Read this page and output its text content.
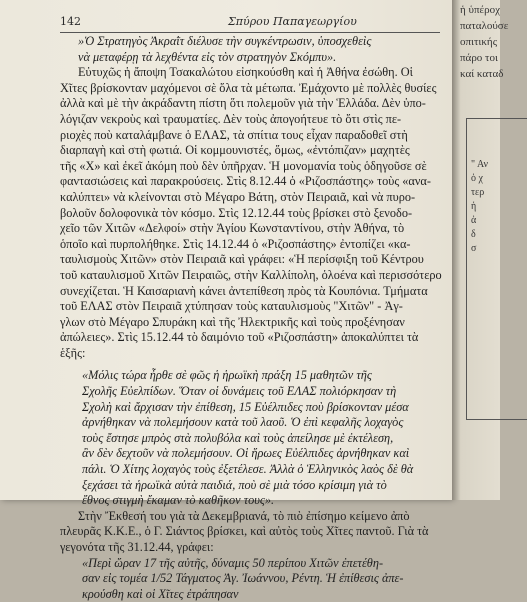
142	Σπύρου Παπαγεωργίου
»Ὁ Στρατηγὸς Ἀκραῒτ διέλυσε τὴν συγκέντρωσιν, ὑποσχεθεὶς
νὰ μεταφέρῃ τὰ λεχθέντα εἰς τὸν στρατηγὸν Σκόμπυ».
Εὐτυχῶς ἡ ἄποψη Τσακαλώτου εἰσηκούσθη καὶ ἡ Ἀθήνα ἐσώθη. Οἱ
Χῖτες βρίσκονταν μαχόμενοι σὲ ὅλα τὰ μέτωπα. Ἐμάχοντο μὲ πολλὲς θυσίες
ἀλλὰ καὶ μὲ τὴν ἀκράδαντη πίστη ὅτι πολεμοῦν γιὰ τὴν Ἑλλάδα. Δὲν ὑπο-
λόγιζαν νεκροὺς καὶ τραυματίες. Δὲν τοὺς ἀπογοήτευε τὸ ὅτι στὶς πε-
ριοχὲς ποὺ καταλάμβανε ὁ ΕΛΑΣ, τὰ σπίτια τους εἶχαν παραδοθεῖ στὴ
διαρπαγὴ καὶ στὴ φωτιά. Οἱ κομμουνιστές, ὅμως, «ἐντόπιζαν» μαχητὲς
τῆς «Χ» καὶ ἐκεῖ ἀκόμη ποὺ δὲν ὑπῆρχαν. Ἡ μονομανία τοὺς ὁδηγοῦσε σὲ
φαντασιώσεις καὶ παρακρούσεις. Στὶς 8.12.44 ὁ «Ριζοσπάστης» τοὺς «ανα-
καλύπτει» νὰ κλείνονται στὸ Μέγαρο Βάτη, στὸν Πειραιᾶ, καὶ νὰ πυρο-
βολοῦν δολοφονικὰ τὸν κόσμο. Στὶς 12.12.44 τοὺς βρίσκει στὸ ξενοδο-
χεῖο τῶν Χιτῶν «Δελφοί» στὴν Ἁγίου Κωνσταντίνου, στὴν Ἀθήνα, τὸ
ὁποῖο καὶ πυρπολήθηκε. Στὶς 14.12.44 ὁ «Ριζοσπάστης» ἐντοπίζει «κα-
ταυλισμοὺς Χιτῶν» στὸν Πειραιᾶ καὶ γράφει: «Ἡ περίσφιξη τοῦ Κέντρου
τοῦ καταυλισμοῦ Χιτῶν Πειραιῶς, στὴν Καλλίπολη, ὁλοένα καὶ περισσότερο
συνεχίζεται. Ἡ Καισαριανὴ κάνει ἀντεπίθεση πρὸς τὰ Κουπόνια. Τμήματα
τοῦ ΕΛΑΣ στὸν Πειραιᾶ χτύπησαν τοὺς καταυλισμοὺς "Χιτῶν" - Ἀγ-
γλων στὸ Μέγαρο Σπυράκη καὶ τῆς Ἠλεκτρικῆς καὶ τοὺς προξένησαν
ἀπώλειες». Στὶς 15.12.44 τὸ δαιμόνιο τοῦ «Ριζοσπάστη» ἀποκαλύπτει τὰ
ἑξῆς:
«Μόλις τώρα ἦρθε σὲ φῶς ἡ ἡρωϊκὴ πράξη 15 μαθητῶν τῆς
Σχολῆς Εὐελπίδων. Ὅταν οἱ δυνάμεις τοῦ ΕΛΑΣ πολιόρκησαν τὴ
Σχολὴ καὶ ἄρχισαν τὴν ἐπίθεση, 15 Εὐέλπιδες ποὺ βρίσκονταν μέσα
ἀρνήθηκαν νὰ πολεμήσουν κατὰ τοῦ λαοῦ. Ὁ ἐπὶ κεφαλῆς λοχαγὸς
τοὺς ἔστησε μπρὸς στὰ πολυβόλα καὶ τοὺς ἀπείλησε μὲ ἐκτέλεση,
ἂν δὲν δεχτοῦν νὰ πολεμήσουν. Οἱ ἥρωες Εὐέλπιδες ἀρνήθηκαν καὶ
πάλι. Ὁ Χίτης λοχαγὸς τοὺς ἐξετέλεσε. Ἀλλὰ ὁ Ἑλληνικὸς λαὸς δὲ θὰ
ξεχάσει τὰ ἡρωϊκὰ αὐτὰ παιδιά, ποὺ σὲ μιὰ τόσο κρίσιμη γιὰ τὸ
ἔθνος στιγμὴ ἔκαμαν τὸ καθῆκον τους».
Στὴν Ἔκθεσή του γιὰ τὰ Δεκεμβριανά, τὸ πιὸ ἐπίσημο κείμενο ἀπὸ
πλευρᾶς Κ.Κ.Ε., ὁ Γ. Σιάντος βρίσκει, καὶ αὐτὸς τοὺς Χῖτες παντοῦ. Γιὰ τὰ
γεγονότα τῆς 31.12.44, γράφει:
«Περὶ ὥραν 17 τῆς αὐτῆς, δύναμις 50 περίπου Χιτῶν ἐπετέθη-
σαν εἰς τομέα 1/52 Τάγματος Ἀγ. Ἰωάννου, Ρέντη. Ἡ ἐπίθεσις ἀπε-
κρούσθη καὶ οἱ Χῖτες ἐτράπησαν
ἡ ὑπέροχ
παταλούσε
οπιτικής
πάρο τοι
καί καταδ
" Αν
ὁ χ
τερ
ἡ
ἀ
δ
σ
